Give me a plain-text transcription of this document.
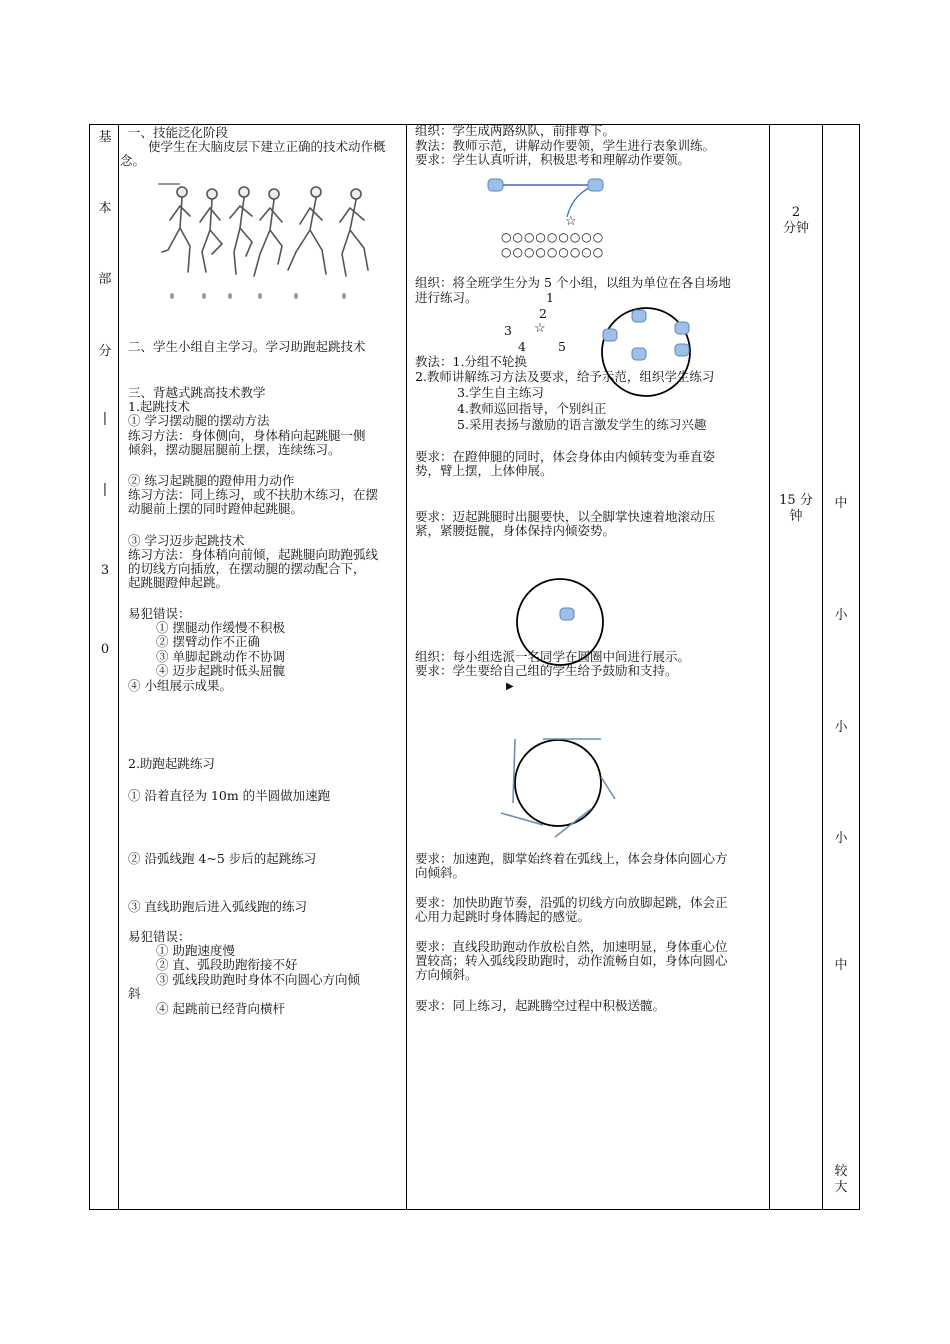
基
本
部
分
|
|
3
0
一、技能泛化阶段
使学生在大脑皮层下建立正确的技术动作概念。
二、学生小组自主学习。学习助跑起跳技术
三、背越式跳高技术教学
1.起跳技术
① 学习摆动腿的摆动方法
练习方法：身体侧向，身体稍向起跳腿一侧
倾斜，摆动腿屈腿前上摆，连续练习。
② 练习起跳腿的蹬伸用力动作
练习方法：同上练习，或不扶肋木练习，在摆
动腿前上摆的同时蹬伸起跳腿。
③ 学习迈步起跳技术
练习方法：身体稍向前倾，起跳腿向助跑弧线
的切线方向插放，在摆动腿的摆动配合下，
起跳腿蹬伸起跳。
易犯错误：
① 摆腿动作缓慢不积极
② 摆臂动作不正确
③ 单脚起跳动作不协调
④ 迈步起跳时低头屈髋
④ 小组展示成果。
2.助跑起跳练习
① 沿着直径为 10m 的半圆做加速跑
② 沿弧线跑 4~5 步后的起跳练习
③ 直线助跑后进入弧线跑的练习
易犯错误：
① 助跑速度慢
② 直、弧段助跑衔接不好
③ 弧线段助跑时身体不向圆心方向倾
斜
④ 起跳前已经背向横杆
组织：学生成两路纵队，前排尊下。
教法：教师示范，讲解动作要领，学生进行表象训练。
要求：学生认真听讲，积极思考和理解动作要领。
☆
○○○○○○○○○
○○○○○○○○○
组织：将全班学生分为 5 个小组，以组为单位在各自场地
进行练习。	1
2
3 ☆
4	5
教法：1.分组不轮换
2.教师讲解练习方法及要求，给予示范，组织学生练习
3.学生自主练习
4.教师巡回指导，个别纠正
5.采用表扬与激励的语言激发学生的练习兴趣
要求：在蹬伸腿的同时，体会身体由内倾转变为垂直姿
势，臂上摆，上体伸展。
要求：迈起跳腿时出腿要快，以全脚掌快速着地滚动压
紧，紧腰挺髋，身体保持内倾姿势。
组织：每小组选派一名同学在圆圈中间进行展示。
要求：学生要给自己组的学生给予鼓励和支持。
▶
要求：加速跑，脚掌始终着在弧线上，体会身体向圆心方
向倾斜。
要求：加快助跑节奏，沿弧的切线方向放脚起跳，体会正
心用力起跳时身体腾起的感觉。
要求：直线段助跑动作放松自然，加速明显，身体重心位
置较高；转入弧线段助跑时，动作流畅自如，身体向圆心
方向倾斜。
要求：同上练习，起跳腾空过程中积极送髋。
2
分钟
15 分
钟
中
小
小
小
中
较
大
